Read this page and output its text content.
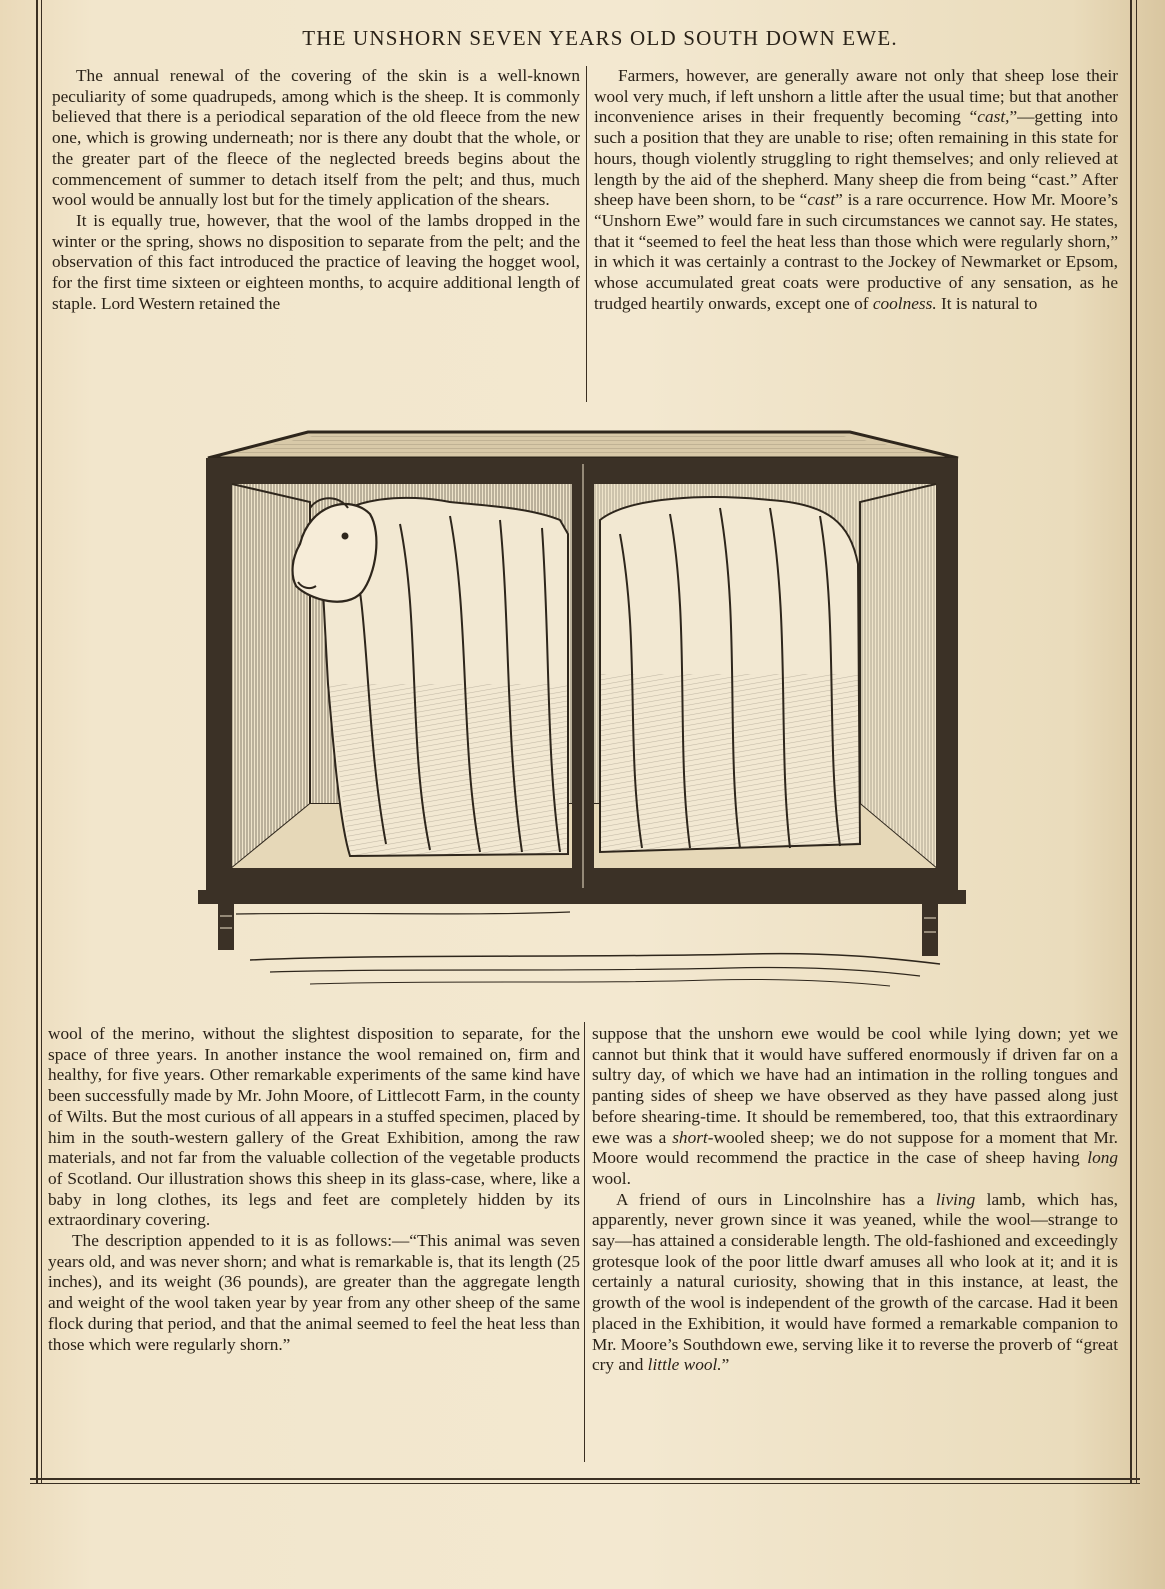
THE UNSHORN SEVEN YEARS OLD SOUTH DOWN EWE.

The annual renewal of the covering of the skin is a well-known peculiarity of some quadrupeds, among which is the sheep. It is commonly believed that there is a periodical separation of the old fleece from the new one, which is growing underneath; nor is there any doubt that the whole, or the greater part of the fleece of the neglected breeds begins about the commencement of summer to detach itself from the pelt; and thus, much wool would be annually lost but for the timely application of the shears.

It is equally true, however, that the wool of the lambs dropped in the winter or the spring, shows no disposition to separate from the pelt; and the observation of this fact introduced the practice of leaving the hogget wool, for the first time sixteen or eighteen months, to acquire additional length of staple. Lord Western retained the

Farmers, however, are generally aware not only that sheep lose their wool very much, if left unshorn a little after the usual time; but that another inconvenience arises in their frequently becoming “cast,”—getting into such a position that they are unable to rise; often remaining in this state for hours, though violently struggling to right themselves; and only relieved at length by the aid of the shepherd. Many sheep die from being “cast.” After sheep have been shorn, to be “cast” is a rare occurrence. How Mr. Moore’s “Unshorn Ewe” would fare in such circumstances we cannot say. He states, that it “seemed to feel the heat less than those which were regularly shorn,” in which it was certainly a contrast to the Jockey of Newmarket or Epsom, whose accumulated great coats were productive of any sensation, as he trudged heartily onwards, except one of coolness. It is natural to

wool of the merino, without the slightest disposition to separate, for the space of three years. In another instance the wool remained on, firm and healthy, for five years. Other remarkable experiments of the same kind have been successfully made by Mr. John Moore, of Littlecott Farm, in the county of Wilts. But the most curious of all appears in a stuffed specimen, placed by him in the south-western gallery of the Great Exhibition, among the raw materials, and not far from the valuable collection of the vegetable products of Scotland. Our illustration shows this sheep in its glass-case, where, like a baby in long clothes, its legs and feet are completely hidden by its extraordinary covering.

The description appended to it is as follows:—“This animal was seven years old, and was never shorn; and what is remarkable is, that its length (25 inches), and its weight (36 pounds), are greater than the aggregate length and weight of the wool taken year by year from any other sheep of the same flock during that period, and that the animal seemed to feel the heat less than those which were regularly shorn.”

suppose that the unshorn ewe would be cool while lying down; yet we cannot but think that it would have suffered enormously if driven far on a sultry day, of which we have had an intimation in the rolling tongues and panting sides of sheep we have observed as they have passed along just before shearing-time. It should be remembered, too, that this extraordinary ewe was a short-wooled sheep; we do not suppose for a moment that Mr. Moore would recommend the practice in the case of sheep having long wool.

A friend of ours in Lincolnshire has a living lamb, which has, apparently, never grown since it was yeaned, while the wool—strange to say—has attained a considerable length. The old-fashioned and exceedingly grotesque look of the poor little dwarf amuses all who look at it; and it is certainly a natural curiosity, showing that in this instance, at least, the growth of the wool is independent of the growth of the carcase. Had it been placed in the Exhibition, it would have formed a remarkable companion to Mr. Moore’s Southdown ewe, serving like it to reverse the proverb of “great cry and little wool.”
